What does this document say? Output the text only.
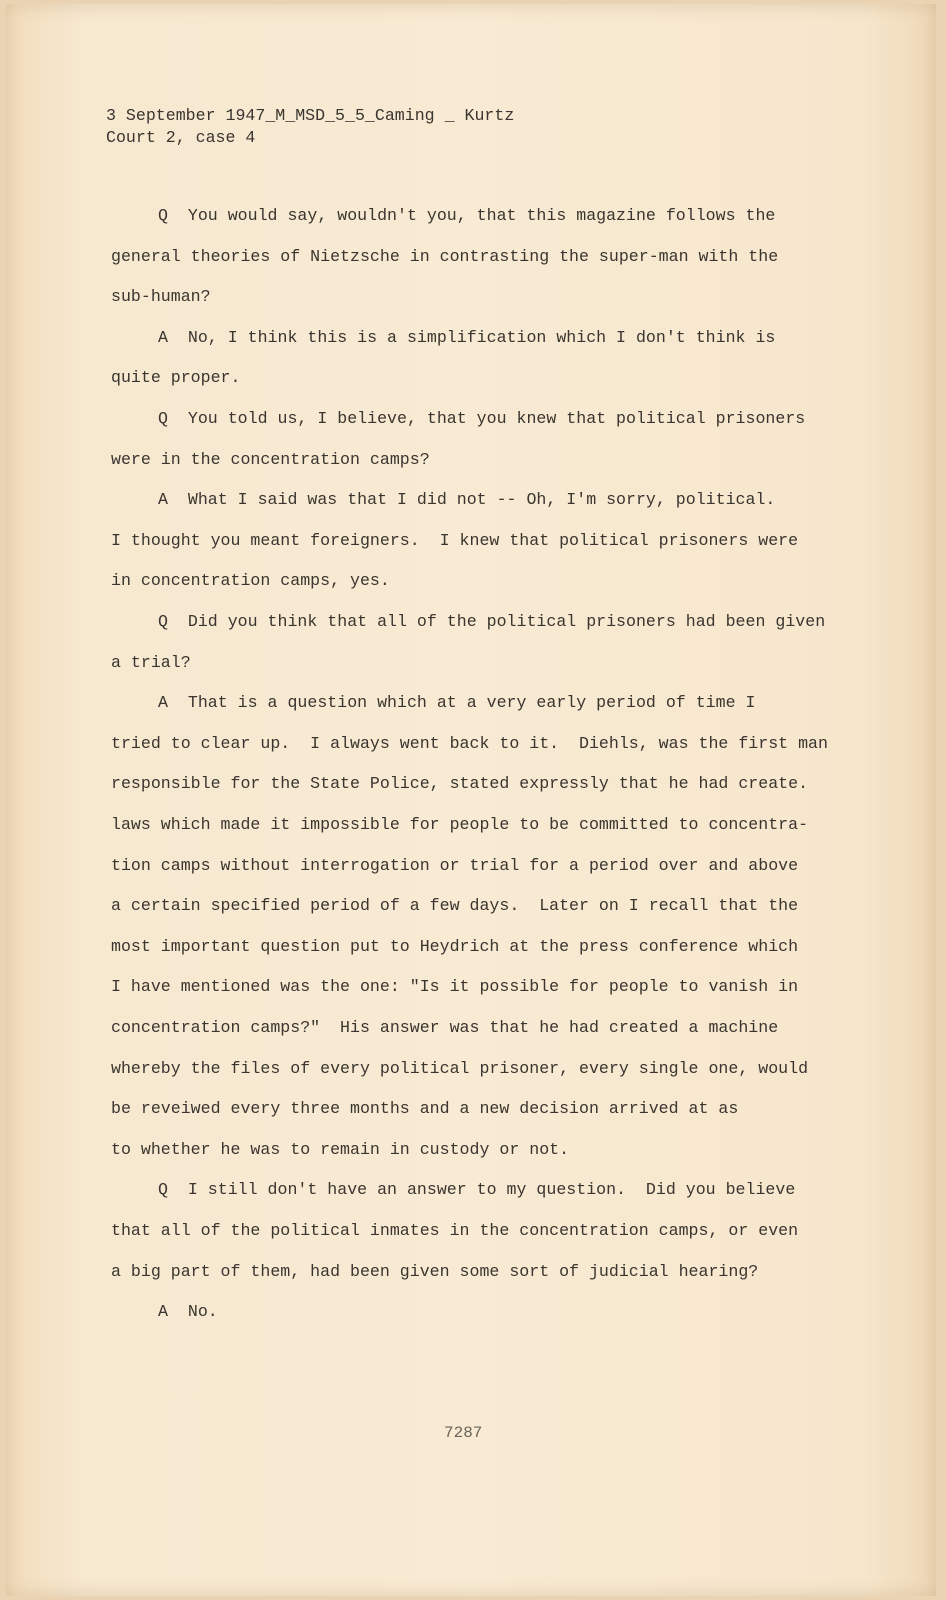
3 September 1947_M_MSD_5_5_Caming _ Kurtz
Court 2, case 4
Q  You would say, wouldn't you, that this magazine follows the
general theories of Nietzsche in contrasting the super-man with the
sub-human?
A  No, I think this is a simplification which I don't think is
quite proper.
Q  You told us, I believe, that you knew that political prisoners
were in the concentration camps?
A  What I said was that I did not -- Oh, I'm sorry, political.
I thought you meant foreigners.  I knew that political prisoners were
in concentration camps, yes.
Q  Did you think that all of the political prisoners had been given
a trial?
A  That is a question which at a very early period of time I
tried to clear up.  I always went back to it.  Diehls, was the first man
responsible for the State Police, stated expressly that he had create.
laws which made it impossible for people to be committed to concentra-
tion camps without interrogation or trial for a period over and above
a certain specified period of a few days.  Later on I recall that the
most important question put to Heydrich at the press conference which
I have mentioned was the one: "Is it possible for people to vanish in
concentration camps?"  His answer was that he had created a machine
whereby the files of every political prisoner, every single one, would
be reveiwed every three months and a new decision arrived at as
to whether he was to remain in custody or not.
Q  I still don't have an answer to my question.  Did you believe
that all of the political inmates in the concentration camps, or even
a big part of them, had been given some sort of judicial hearing?
A  No.
7287
